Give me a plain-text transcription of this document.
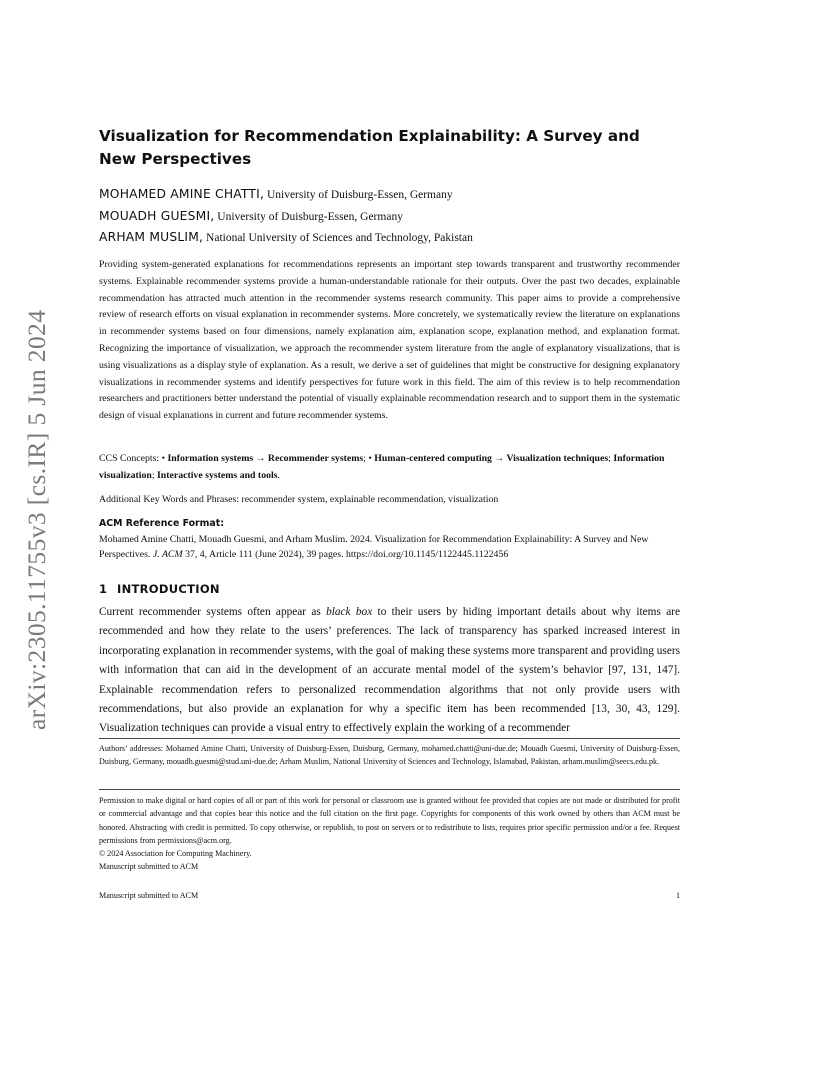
arXiv:2305.11755v3 [cs.IR] 5 Jun 2024
Visualization for Recommendation Explainability: A Survey and New Perspectives
MOHAMED AMINE CHATTI, University of Duisburg-Essen, Germany
MOUADH GUESMI, University of Duisburg-Essen, Germany
ARHAM MUSLIM, National University of Sciences and Technology, Pakistan

Providing system-generated explanations for recommendations represents an important step towards transparent and trustworthy recommender systems. Explainable recommender systems provide a human-understandable rationale for their outputs. Over the past two decades, explainable recommendation has attracted much attention in the recommender systems research community. This paper aims to provide a comprehensive review of research efforts on visual explanation in recommender systems. More concretely, we systematically review the literature on explanations in recommender systems based on four dimensions, namely explanation aim, explanation scope, explanation method, and explanation format. Recognizing the importance of visualization, we approach the recommender system literature from the angle of explanatory visualizations, that is using visualizations as a display style of explanation. As a result, we derive a set of guidelines that might be constructive for designing explanatory visualizations in recommender systems and identify perspectives for future work in this field. The aim of this review is to help recommendation researchers and practitioners better understand the potential of visually explainable recommendation research and to support them in the systematic design of visual explanations in current and future recommender systems.

CCS Concepts: • Information systems → Recommender systems; • Human-centered computing → Visualization techniques; Information visualization; Interactive systems and tools.

Additional Key Words and Phrases: recommender system, explainable recommendation, visualization

ACM Reference Format:

Mohamed Amine Chatti, Mouadh Guesmi, and Arham Muslim. 2024. Visualization for Recommendation Explainability: A Survey and New Perspectives. J. ACM 37, 4, Article 111 (June 2024), 39 pages. https://doi.org/10.1145/1122445.1122456

1 INTRODUCTION

Current recommender systems often appear as black box to their users by hiding important details about why items are recommended and how they relate to the users’ preferences. The lack of transparency has sparked increased interest in incorporating explanation in recommender systems, with the goal of making these systems more transparent and providing users with information that can aid in the development of an accurate mental model of the system’s behavior [97, 131, 147]. Explainable recommendation refers to personalized recommendation algorithms that not only provide users with recommendations, but also provide an explanation for why a specific item has been recommended [13, 30, 43, 129]. Visualization techniques can provide a visual entry to effectively explain the working of a recommender

Authors’ addresses: Mohamed Amine Chatti, University of Duisburg-Essen, Duisburg, Germany, mohamed.chatti@uni-due.de; Mouadh Guesmi, University of Duisburg-Essen, Duisburg, Germany, mouadh.guesmi@stud.uni-due.de; Arham Muslim, National University of Sciences and Technology, Islamabad, Pakistan, arham.muslim@seecs.edu.pk.

Permission to make digital or hard copies of all or part of this work for personal or classroom use is granted without fee provided that copies are not made or distributed for profit or commercial advantage and that copies bear this notice and the full citation on the first page. Copyrights for components of this work owned by others than ACM must be honored. Abstracting with credit is permitted. To copy otherwise, or republish, to post on servers or to redistribute to lists, requires prior specific permission and/or a fee. Request permissions from permissions@acm.org.

© 2024 Association for Computing Machinery.

Manuscript submitted to ACM

Manuscript submitted to ACM	1
